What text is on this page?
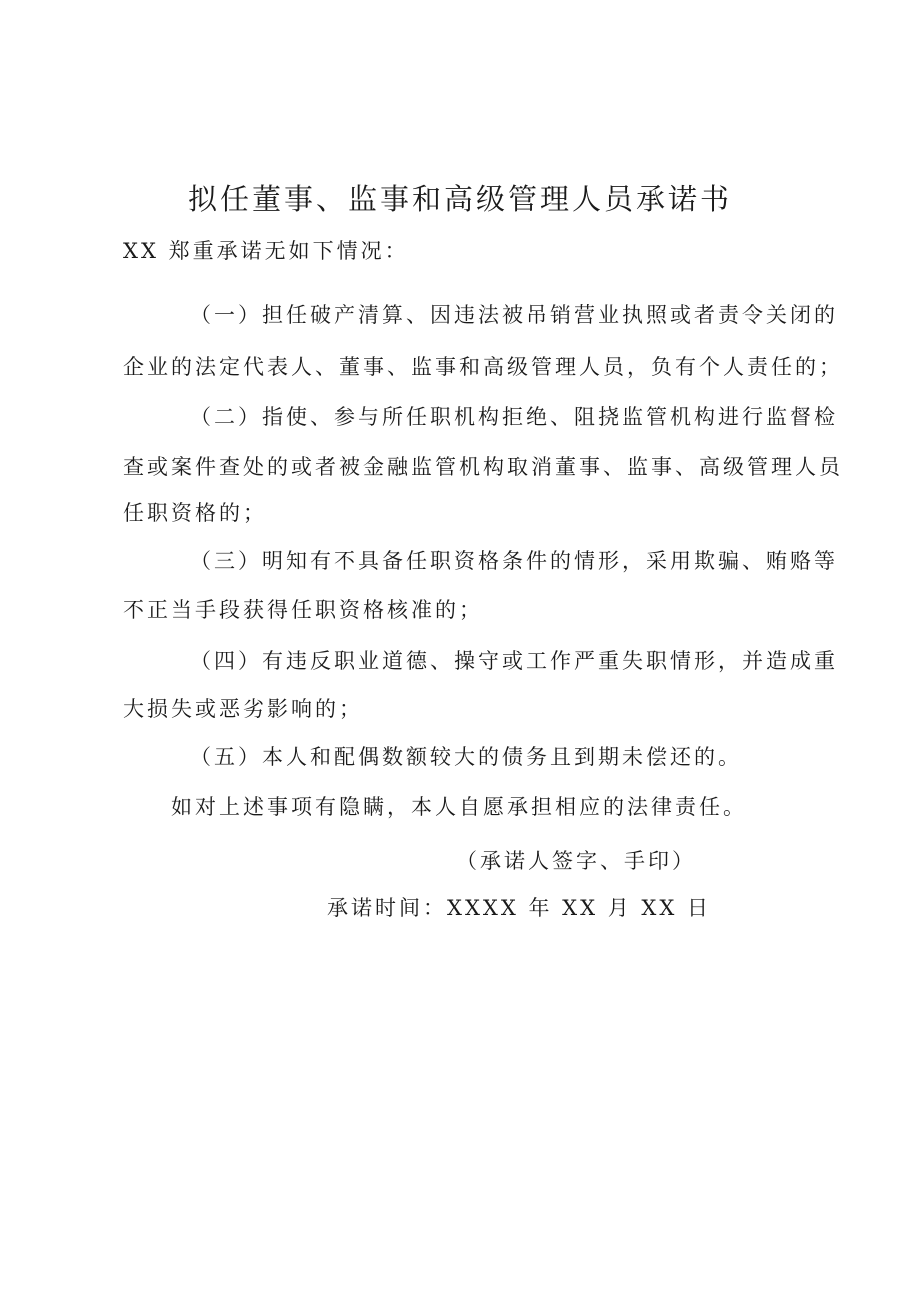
拟任董事、监事和高级管理人员承诺书
XX 郑重承诺无如下情况：
（一）担任破产清算、因违法被吊销营业执照或者责令关闭的
企业的法定代表人、董事、监事和高级管理人员，负有个人责任的；
（二）指使、参与所任职机构拒绝、阻挠监管机构进行监督检
查或案件查处的或者被金融监管机构取消董事、监事、高级管理人员
任职资格的；
（三）明知有不具备任职资格条件的情形，采用欺骗、贿赂等
不正当手段获得任职资格核准的；
（四）有违反职业道德、操守或工作严重失职情形，并造成重
大损失或恶劣影响的；
（五）本人和配偶数额较大的债务且到期未偿还的。
如对上述事项有隐瞒，本人自愿承担相应的法律责任。
（承诺人签字、手印）
承诺时间：XXXX 年 XX 月 XX 日
